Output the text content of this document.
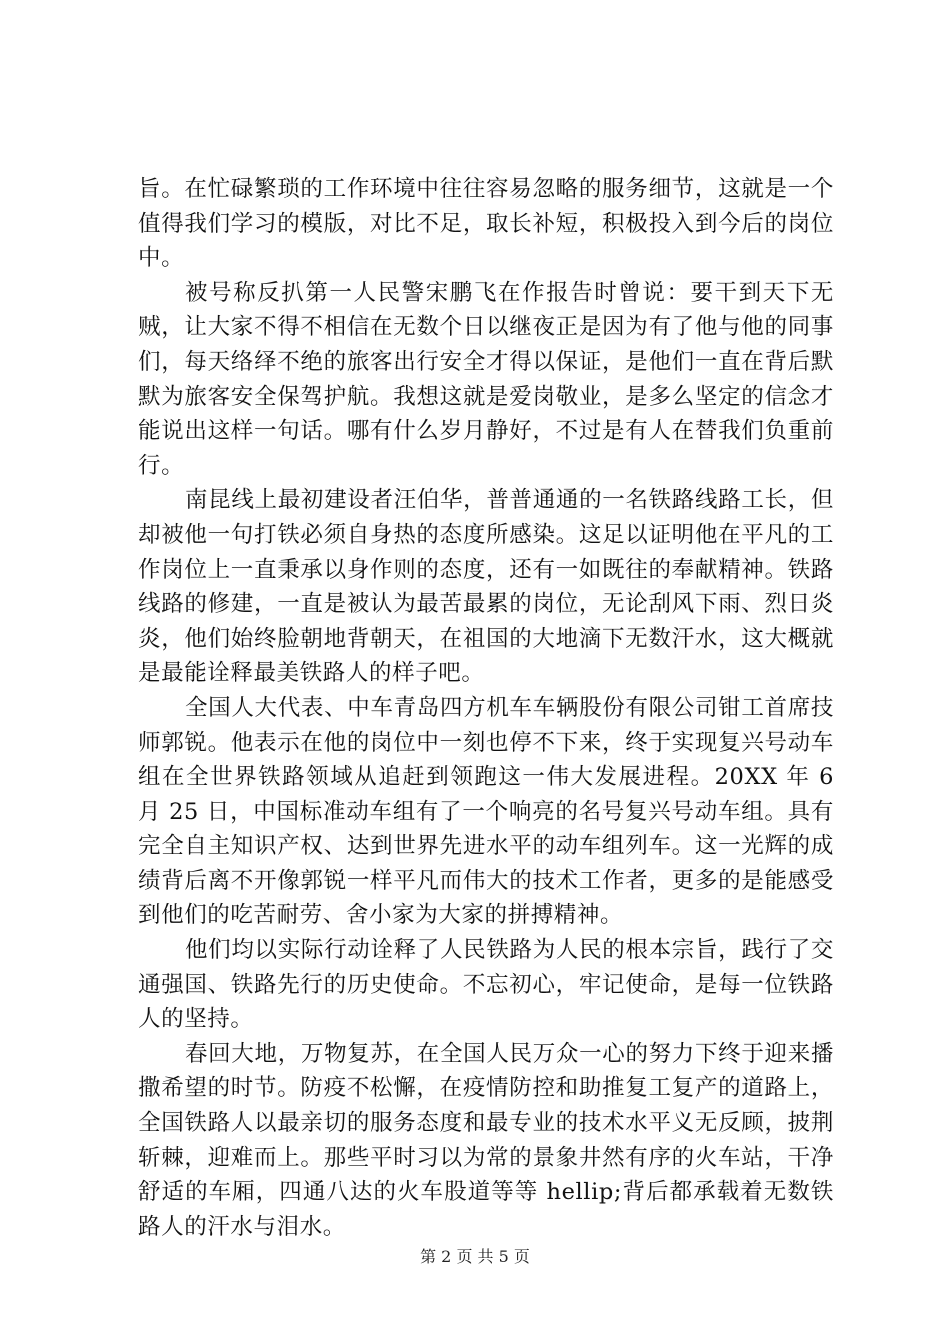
旨。在忙碌繁琐的工作环境中往往容易忽略的服务细节，这就是一个值得我们学习的模版，对比不足，取长补短，积极投入到今后的岗位中。

被号称反扒第一人民警宋鹏飞在作报告时曾说：要干到天下无贼，让大家不得不相信在无数个日以继夜正是因为有了他与他的同事们，每天络绎不绝的旅客出行安全才得以保证，是他们一直在背后默默为旅客安全保驾护航。我想这就是爱岗敬业，是多么坚定的信念才能说出这样一句话。哪有什么岁月静好，不过是有人在替我们负重前行。

南昆线上最初建设者汪伯华，普普通通的一名铁路线路工长，但却被他一句打铁必须自身热的态度所感染。这足以证明他在平凡的工作岗位上一直秉承以身作则的态度，还有一如既往的奉献精神。铁路线路的修建，一直是被认为最苦最累的岗位，无论刮风下雨、烈日炎炎，他们始终脸朝地背朝天，在祖国的大地滴下无数汗水，这大概就是最能诠释最美铁路人的样子吧。

全国人大代表、中车青岛四方机车车辆股份有限公司钳工首席技师郭锐。他表示在他的岗位中一刻也停不下来，终于实现复兴号动车组在全世界铁路领域从追赶到领跑这一伟大发展进程。20XX 年 6 月 25 日，中国标准动车组有了一个响亮的名号复兴号动车组。具有完全自主知识产权、达到世界先进水平的动车组列车。这一光辉的成绩背后离不开像郭锐一样平凡而伟大的技术工作者，更多的是能感受到他们的吃苦耐劳、舍小家为大家的拼搏精神。

他们均以实际行动诠释了人民铁路为人民的根本宗旨，践行了交通强国、铁路先行的历史使命。不忘初心，牢记使命，是每一位铁路人的坚持。

春回大地，万物复苏，在全国人民万众一心的努力下终于迎来播撒希望的时节。防疫不松懈，在疫情防控和助推复工复产的道路上，全国铁路人以最亲切的服务态度和最专业的技术水平义无反顾，披荆斩棘，迎难而上。那些平时习以为常的景象井然有序的火车站，干净舒适的车厢，四通八达的火车股道等等 hellip;背后都承载着无数铁路人的汗水与泪水。

第 2 页 共 5 页
